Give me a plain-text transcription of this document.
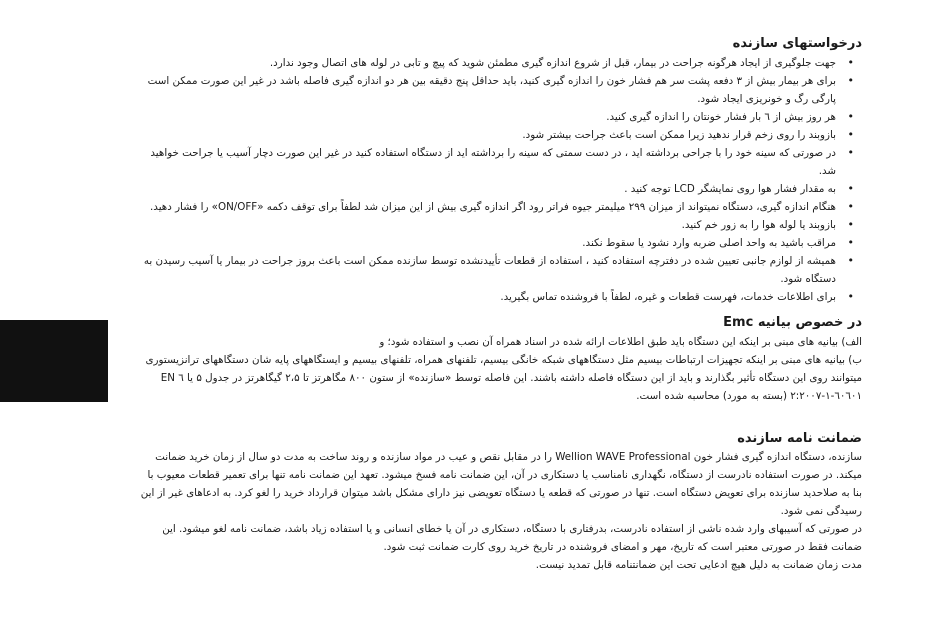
درخواستهای سازنده
•
جهت جلوگیری از ایجاد هرگونه جراحت در بیمار، قبل از شروع اندازه گیری مطمئن شوید که پیچ و تابی در لوله های اتصال وجود ندارد.
•
برای هر بیمار بیش از ۳ دفعه پشت سر هم فشار خون را اندازه گیری کنید، باید حداقل پنج دقیقه بین هر دو اندازه گیری فاصله باشد در غیر این صورت ممکن است پارگی رگ و خونریزی ایجاد شود.
•
هر روز بیش از ٦ بار فشار خونتان را اندازه گیری کنید.
•
بازوبند را روی زخم قرار ندهید زیرا ممکن است باعث جراحت بیشتر شود.
•
در صورتی که سینه خود را با جراحی برداشته اید ، در دست سمتی که سینه را برداشته اید از دستگاه استفاده کنید در غیر این صورت دچار آسیب یا جراحت خواهید شد.
•
به مقدار فشار هوا روی نمایشگر LCD توجه کنید .
•
هنگام اندازه گیری، دستگاه نمیتواند از میزان ۲۹۹ میلیمتر جیوه فراتر رود اگر اندازه گیری بیش از این میزان شد لطفاً برای توقف دکمه «ON/OFF» را فشار دهید.
•
بازوبند یا لوله هوا را به زور خم کنید.
•
مراقب باشید به واحد اصلی ضربه وارد نشود یا سقوط نکند.
•
همیشه از لوازم جانبی تعیین شده در دفترچه استفاده کنید ، استفاده از قطعات تأییدنشده توسط سازنده ممکن است باعث بروز جراحت در بیمار یا آسیب رسیدن به دستگاه شود.
•
برای اطلاعات خدمات، فهرست قطعات و غیره، لطفاً با فروشنده تماس بگیرید.
در خصوص بیانیه Emc

الف) بیانیه های مبنی بر اینکه این دستگاه باید طبق اطلاعات ارائه شده در اسناد همراه آن نصب و استفاده شود؛ و

ب) بیانیه های مبنی بر اینکه تجهیزات ارتباطات بیسیم مثل دستگاههای شبکه خانگی بیسیم، تلفنهای همراه، تلفنهای بیسیم و ایستگاههای پایه شان دستگاههای ترانزیستوری میتوانند روی این دستگاه تأثیر بگذارند و باید از این دستگاه فاصله داشته باشند. این فاصله توسط «سازنده» از ستون ۸۰۰ مگاهرتز تا ۲،۵ گیگاهرتز در جدول ۵ یا ٦ EN ٦٠٦٠١-١-٢:٢٠٠٧ (بسته به مورد) محاسبه شده است.

ضمانت نامه سازنده

سازنده، دستگاه اندازه گیری فشار خون Wellion WAVE Professional را در مقابل نقص و عیب در مواد سازنده و روند ساخت به مدت دو سال از زمان خرید ضمانت میکند. در صورت استفاده نادرست از دستگاه، نگهداری نامناسب یا دستکاری در آن، این ضمانت نامه فسخ میشود. تعهد این ضمانت نامه تنها برای تعمیر قطعات معیوب با بنا به صلاحدید سازنده برای تعویض دستگاه است. تنها در صورتی که قطعه یا دستگاه تعویضی نیز دارای مشکل باشد میتوان قرارداد خرید را لغو کرد. به ادعاهای غیر از این رسیدگی نمی شود.

در صورتی که آسیبهای وارد شده ناشی از استفاده نادرست، بدرفتاری با دستگاه، دستکاری در آن یا خطای انسانی و یا استفاده زیاد باشد، ضمانت نامه لغو میشود. این ضمانت فقط در صورتی معتبر است که تاریخ، مهر و امضای فروشنده در تاریخ خرید روی کارت ضمانت ثبت شود.

مدت زمان ضمانت به دلیل هیچ ادعایی تحت این ضمانتنامه قابل تمدید نیست.
